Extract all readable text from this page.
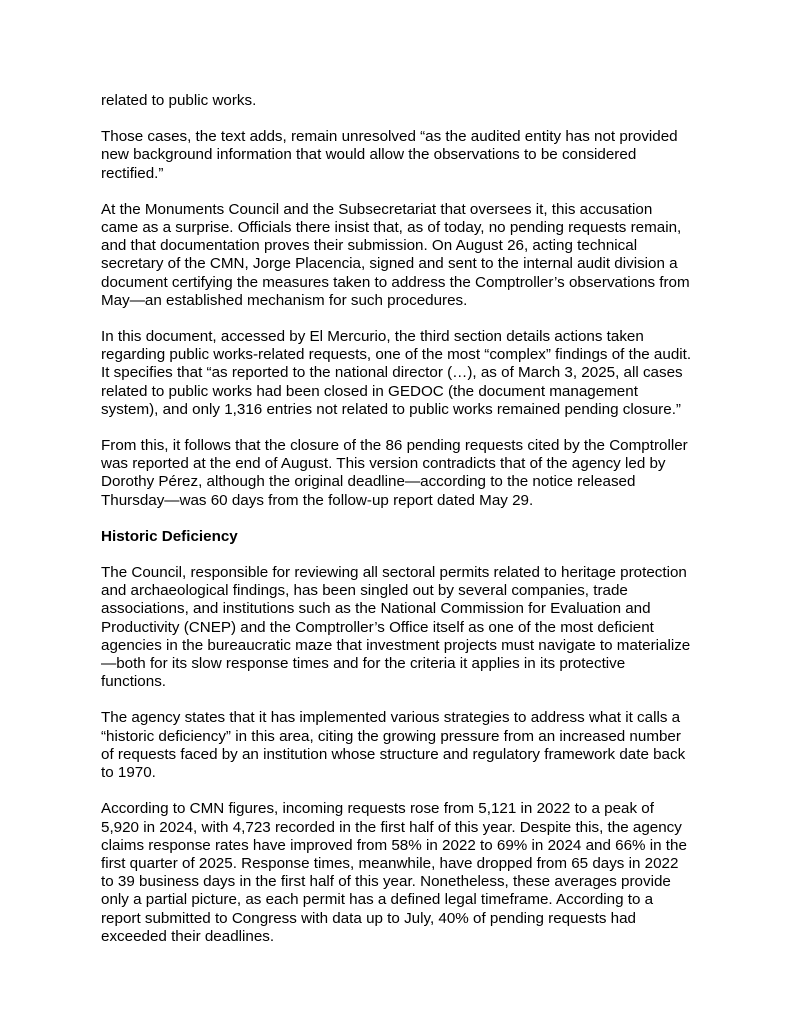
related to public works.

Those cases, the text adds, remain unresolved “as the audited entity has not provided
new background information that would allow the observations to be considered
rectified.”

At the Monuments Council and the Subsecretariat that oversees it, this accusation
came as a surprise. Officials there insist that, as of today, no pending requests remain,
and that documentation proves their submission. On August 26, acting technical
secretary of the CMN, Jorge Placencia, signed and sent to the internal audit division a
document certifying the measures taken to address the Comptroller’s observations from
May—an established mechanism for such procedures.

In this document, accessed by El Mercurio, the third section details actions taken
regarding public works-related requests, one of the most “complex” findings of the audit.
It specifies that “as reported to the national director (…), as of March 3, 2025, all cases
related to public works had been closed in GEDOC (the document management
system), and only 1,316 entries not related to public works remained pending closure.”

From this, it follows that the closure of the 86 pending requests cited by the Comptroller
was reported at the end of August. This version contradicts that of the agency led by
Dorothy Pérez, although the original deadline—according to the notice released
Thursday—was 60 days from the follow-up report dated May 29.

Historic Deficiency

The Council, responsible for reviewing all sectoral permits related to heritage protection
and archaeological findings, has been singled out by several companies, trade
associations, and institutions such as the National Commission for Evaluation and
Productivity (CNEP) and the Comptroller’s Office itself as one of the most deficient
agencies in the bureaucratic maze that investment projects must navigate to materialize
—both for its slow response times and for the criteria it applies in its protective
functions.

The agency states that it has implemented various strategies to address what it calls a
“historic deficiency” in this area, citing the growing pressure from an increased number
of requests faced by an institution whose structure and regulatory framework date back
to 1970.

According to CMN figures, incoming requests rose from 5,121 in 2022 to a peak of
5,920 in 2024, with 4,723 recorded in the first half of this year. Despite this, the agency
claims response rates have improved from 58% in 2022 to 69% in 2024 and 66% in the
first quarter of 2025. Response times, meanwhile, have dropped from 65 days in 2022
to 39 business days in the first half of this year. Nonetheless, these averages provide
only a partial picture, as each permit has a defined legal timeframe. According to a
report submitted to Congress with data up to July, 40% of pending requests had
exceeded their deadlines.
